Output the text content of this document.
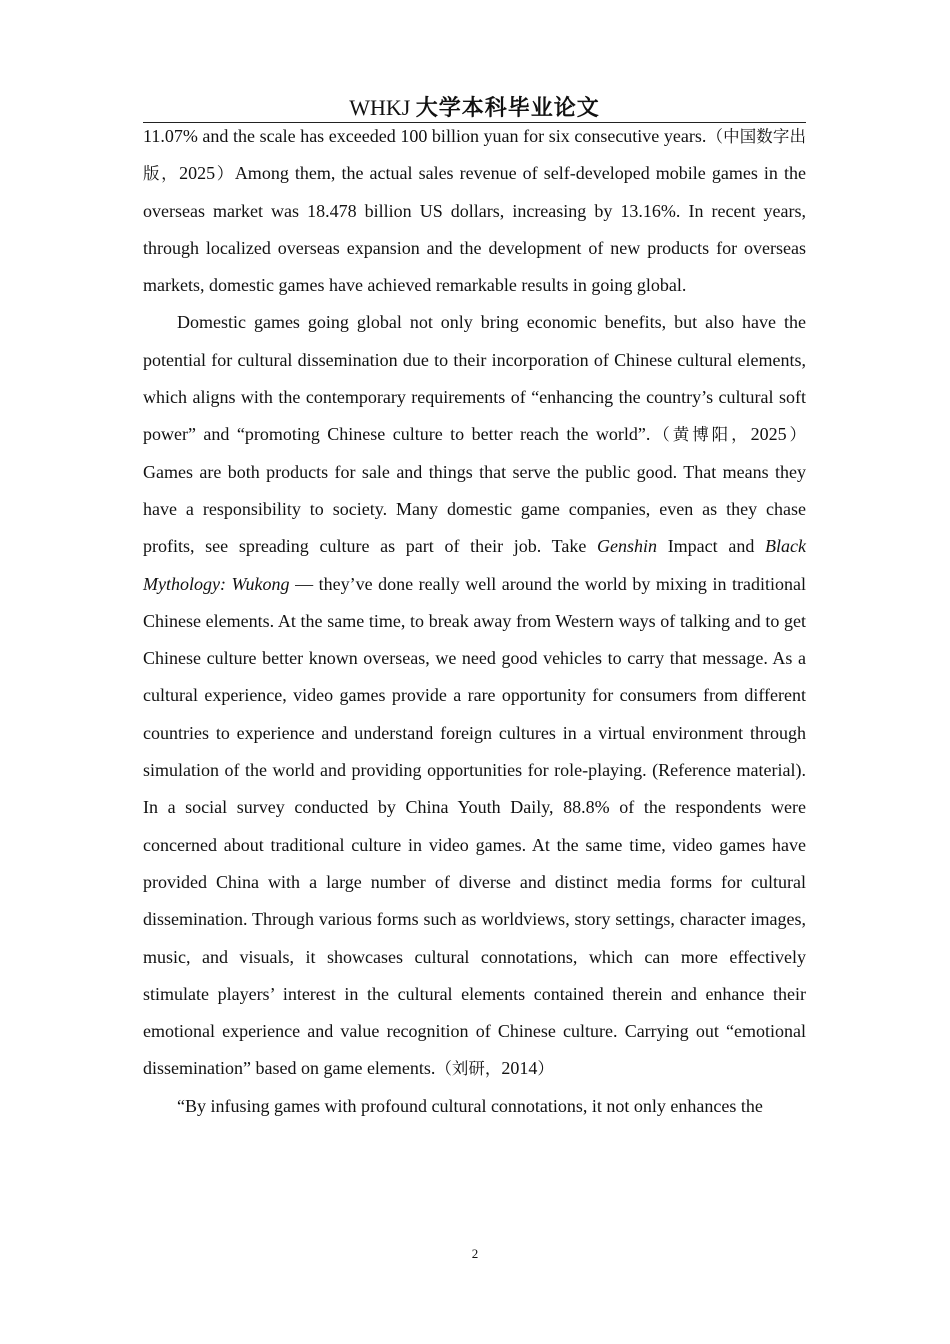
WHKJ 大学本科毕业论文

11.07% and the scale has exceeded 100 billion yuan for six consecutive years.（中国数字出版，2025）Among them, the actual sales revenue of self-developed mobile games in the overseas market was 18.478 billion US dollars, increasing by 13.16%. In recent years, through localized overseas expansion and the development of new products for overseas markets, domestic games have achieved remarkable results in going global.

Domestic games going global not only bring economic benefits, but also have the potential for cultural dissemination due to their incorporation of Chinese cultural elements, which aligns with the contemporary requirements of “enhancing the country’s cultural soft power” and “promoting Chinese culture to better reach the world”.（黄博阳，2025）Games are both products for sale and things that serve the public good. That means they have a responsibility to society. Many domestic game companies, even as they chase profits, see spreading culture as part of their job. Take Genshin Impact and Black Mythology: Wukong — they’ve done really well around the world by mixing in traditional Chinese elements. At the same time, to break away from Western ways of talking and to get Chinese culture better known overseas, we need good vehicles to carry that message. As a cultural experience, video games provide a rare opportunity for consumers from different countries to experience and understand foreign cultures in a virtual environment through simulation of the world and providing opportunities for role-playing. (Reference material). In a social survey conducted by China Youth Daily, 88.8% of the respondents were concerned about traditional culture in video games. At the same time, video games have provided China with a large number of diverse and distinct media forms for cultural dissemination. Through various forms such as worldviews, story settings, character images, music, and visuals, it showcases cultural connotations, which can more effectively stimulate players’ interest in the cultural elements contained therein and enhance their emotional experience and value recognition of Chinese culture. Carrying out “emotional dissemination” based on game elements.（刘研，2014）

“By infusing games with profound cultural connotations, it not only enhances the

2
